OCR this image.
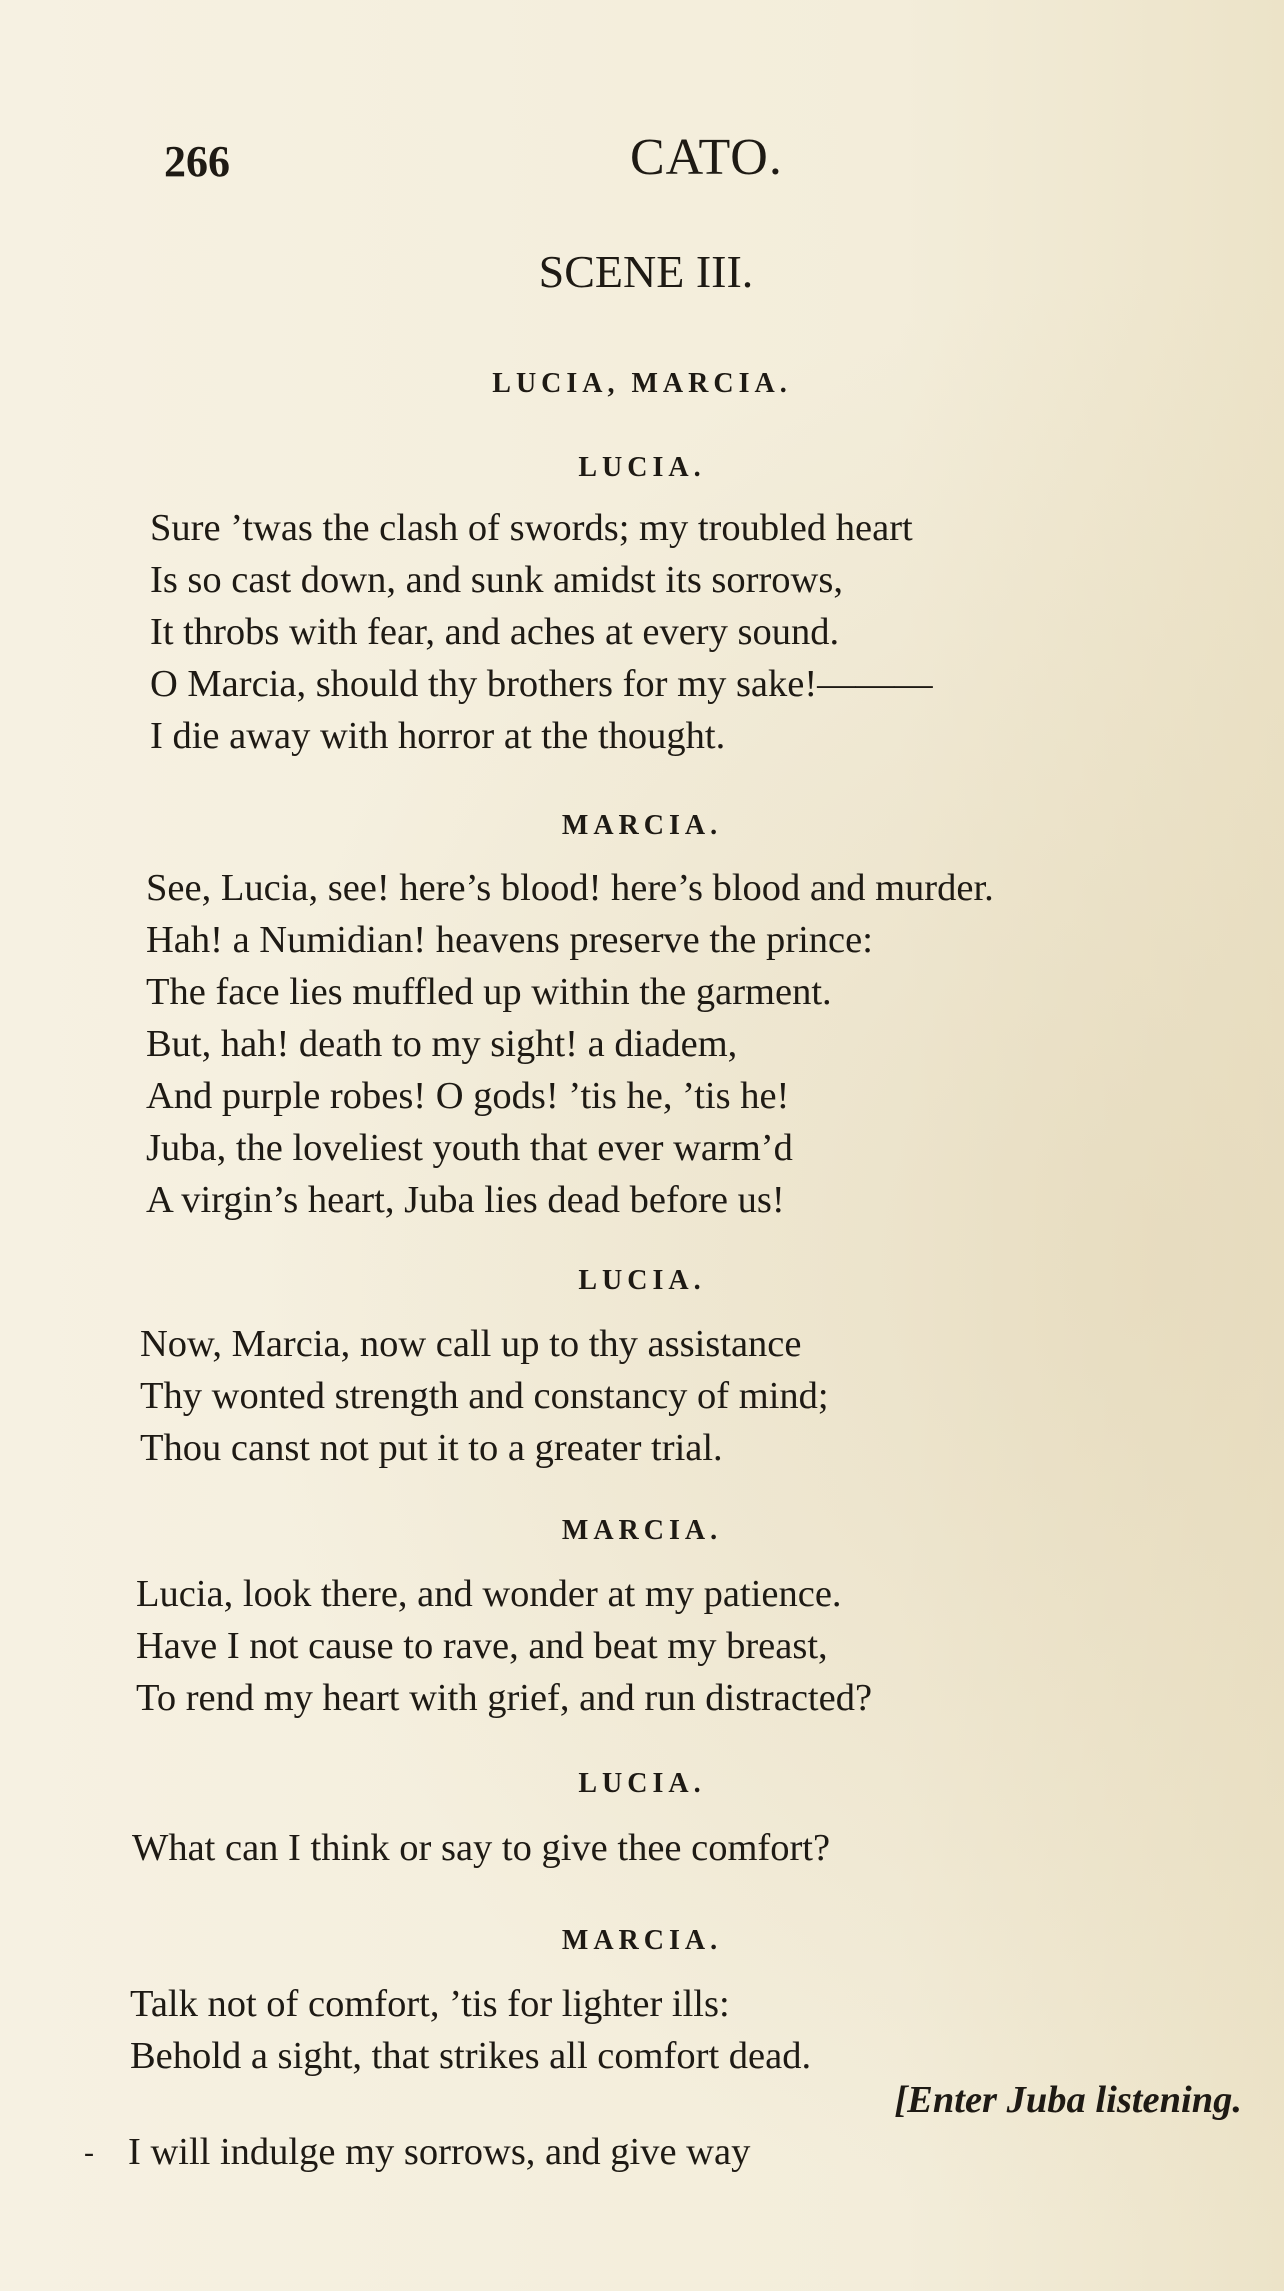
266	CATO.
SCENE III.
LUCIA, MARCIA.
LUCIA.
Sure ’twas the clash of swords; my troubled heart
Is so cast down, and sunk amidst its sorrows,
It throbs with fear, and aches at every sound.
O Marcia, should thy brothers for my sake!———
I die away with horror at the thought.
MARCIA.
See, Lucia, see! here’s blood! here’s blood and murder.
Hah! a Numidian! heavens preserve the prince:
The face lies muffled up within the garment.
But, hah! death to my sight! a diadem,
And purple robes! O gods! ’tis he, ’tis he!
Juba, the loveliest youth that ever warm’d
A virgin’s heart, Juba lies dead before us!
LUCIA.
Now, Marcia, now call up to thy assistance
Thy wonted strength and constancy of mind;
Thou canst not put it to a greater trial.
MARCIA.
Lucia, look there, and wonder at my patience.
Have I not cause to rave, and beat my breast,
To rend my heart with grief, and run distracted?
LUCIA.
What can I think or say to give thee comfort?
MARCIA.
Talk not of comfort, ’tis for lighter ills:
Behold a sight, that strikes all comfort dead.
[Enter Juba listening.
- I will indulge my sorrows, and give way
